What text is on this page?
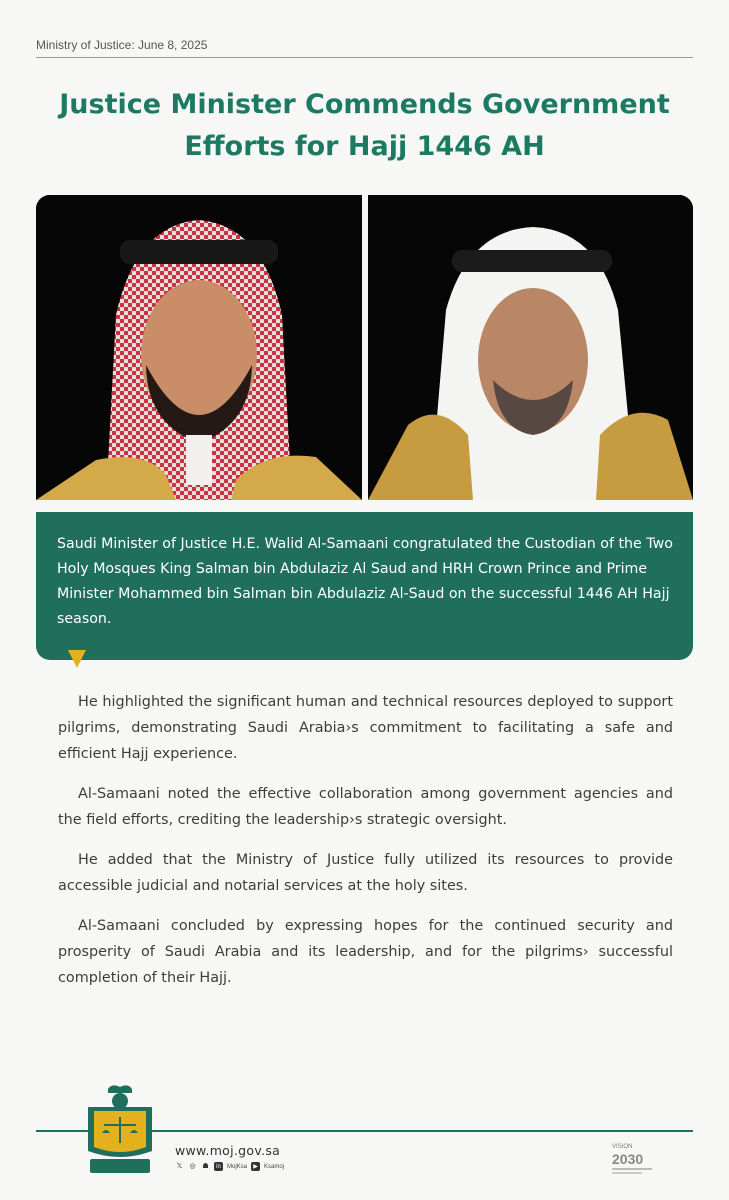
Ministry of Justice: June 8, 2025
Justice Minister Commends Government
Efforts for Hajj 1446 AH

Saudi Minister of Justice H.E. Walid Al-Samaani congratulated the Custodian of the Two Holy Mosques King Salman bin Abdulaziz Al Saud and HRH Crown Prince and Prime Minister Mohammed bin Salman bin Abdulaziz Al-Saud on the successful 1446 AH Hajj season.

He highlighted the significant human and technical resources deployed to support pilgrims, demonstrating Saudi Arabia›s commitment to facilitating a safe and efficient Hajj experience.

Al-Samaani noted the effective collaboration among government agencies and the field efforts, crediting the leadership›s strategic oversight.

He added that the Ministry of Justice fully utilized its resources to provide accessible judicial and notarial services at the holy sites.

Al-Samaani concluded by expressing hopes for the continued security and prosperity of Saudi Arabia and its leadership, and for the pilgrims› successful completion of their Hajj.

www.moj.gov.sa
𝕏 ◎ ☗	in	MojKsa	▶	Ksamoj
VISION
2030
